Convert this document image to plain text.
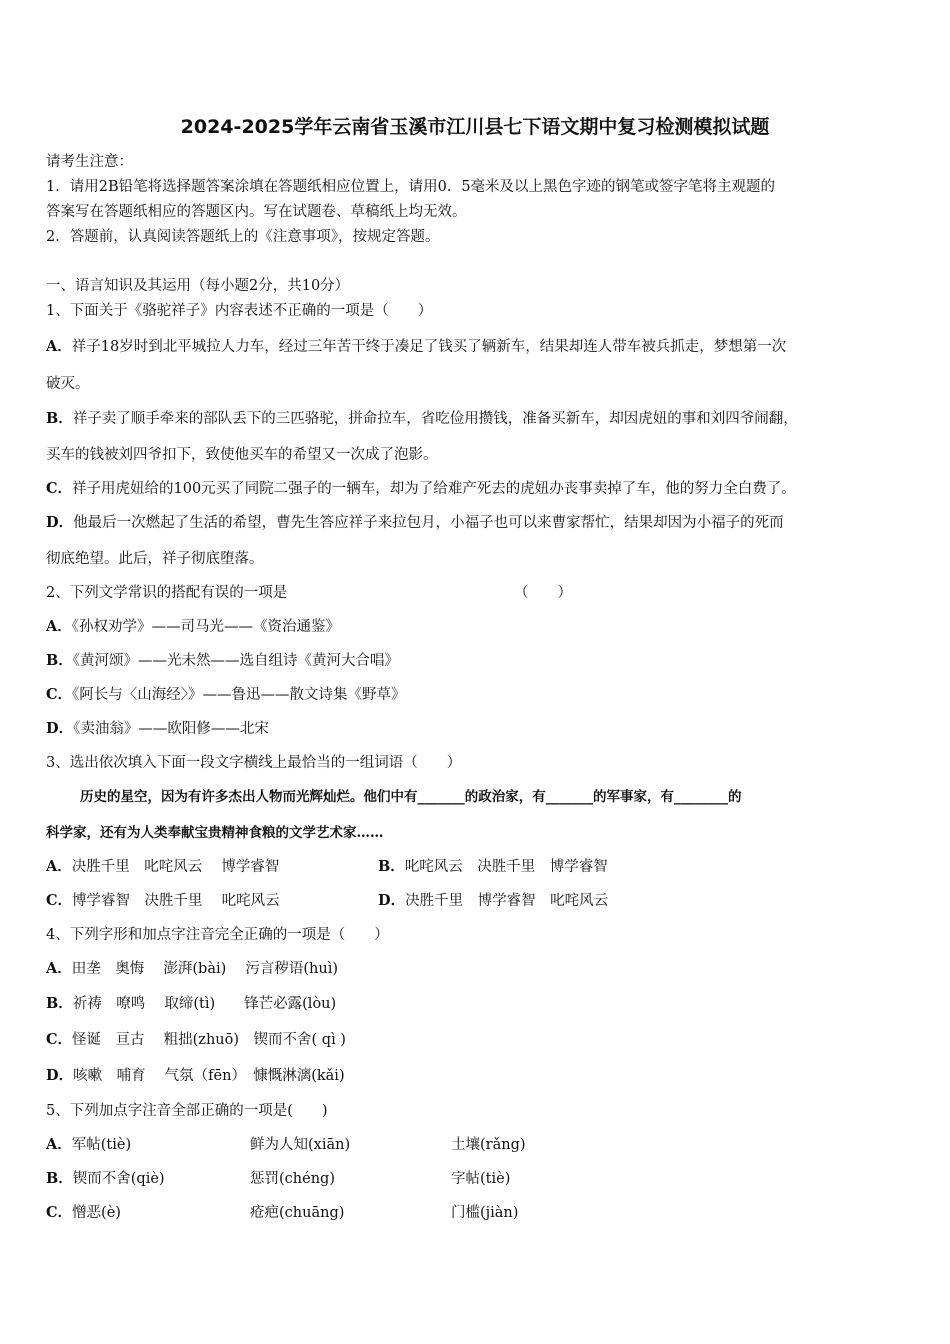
2024-2025学年云南省玉溪市江川县七下语文期中复习检测模拟试题
请考生注意：
1．请用2B铅笔将选择题答案涂填在答题纸相应位置上，请用0．5毫米及以上黑色字迹的钢笔或签字笔将主观题的
答案写在答题纸相应的答题区内。写在试题卷、草稿纸上均无效。
2．答题前，认真阅读答题纸上的《注意事项》，按规定答题。
一、语言知识及其运用（每小题2分，共10分）
1、下面关于《骆驼祥子》内容表述不正确的一项是（　　）
A．祥子18岁时到北平城拉人力车，经过三年苦干终于凑足了钱买了辆新车，结果却连人带车被兵抓走，梦想第一次
破灭。
B．祥子卖了顺手牵来的部队丢下的三匹骆驼，拼命拉车，省吃俭用攒钱，准备买新车，却因虎妞的事和刘四爷闹翻，
买车的钱被刘四爷扣下，致使他买车的希望又一次成了泡影。
C．祥子用虎妞给的100元买了同院二强子的一辆车，却为了给难产死去的虎妞办丧事卖掉了车，他的努力全白费了。
D．他最后一次燃起了生活的希望，曹先生答应祥子来拉包月，小福子也可以来曹家帮忙，结果却因为小福子的死而
彻底绝望。此后，祥子彻底堕落。
2、下列文学常识的搭配有误的一项是	（　　）
A．《孙权劝学》——司马光——《资治通鉴》
B．《黄河颂》——光未然——选自组诗《黄河大合唱》
C．《阿长与〈山海经〉》——鲁迅——散文诗集《野草》
D．《卖油翁》——欧阳修——北宋
3、选出依次填入下面一段文字横线上最恰当的一组词语（　　）
历史的星空，因为有许多杰出人物而光辉灿烂。他们中有_______的政治家，有_______的军事家，有________的
科学家，还有为人类奉献宝贵精神食粮的文学艺术家……
A．决胜千里　叱咤风云　 博学睿智	B．叱咤风云　决胜千里　博学睿智
C．博学睿智　决胜千里　 叱咤风云	D．决胜千里　博学睿智　叱咤风云
4、下列字形和加点字注音完全正确的一项是（　　）
A．田垄　奥悔　 澎湃(bài)　 污言秽语(huì)
B．祈祷　嘹鸣　 取缔(tì)　　锋芒必露(lòu)
C．怪诞　亘古　 粗拙(zhuō)　锲而不舍( qì )
D．咳嗽　哺育　 气氛（fēn）　慷慨淋漓(kǎi)
5、下列加点字注音全部正确的一项是(　　)
A．军帖(tiè)	鲜为人知(xiān)	土壤(rǎng)
B．锲而不舍(qiè)	惩罚(chéng)	字帖(tiè)
C．憎恶(è)	疮疤(chuāng)	门槛(jiàn)
